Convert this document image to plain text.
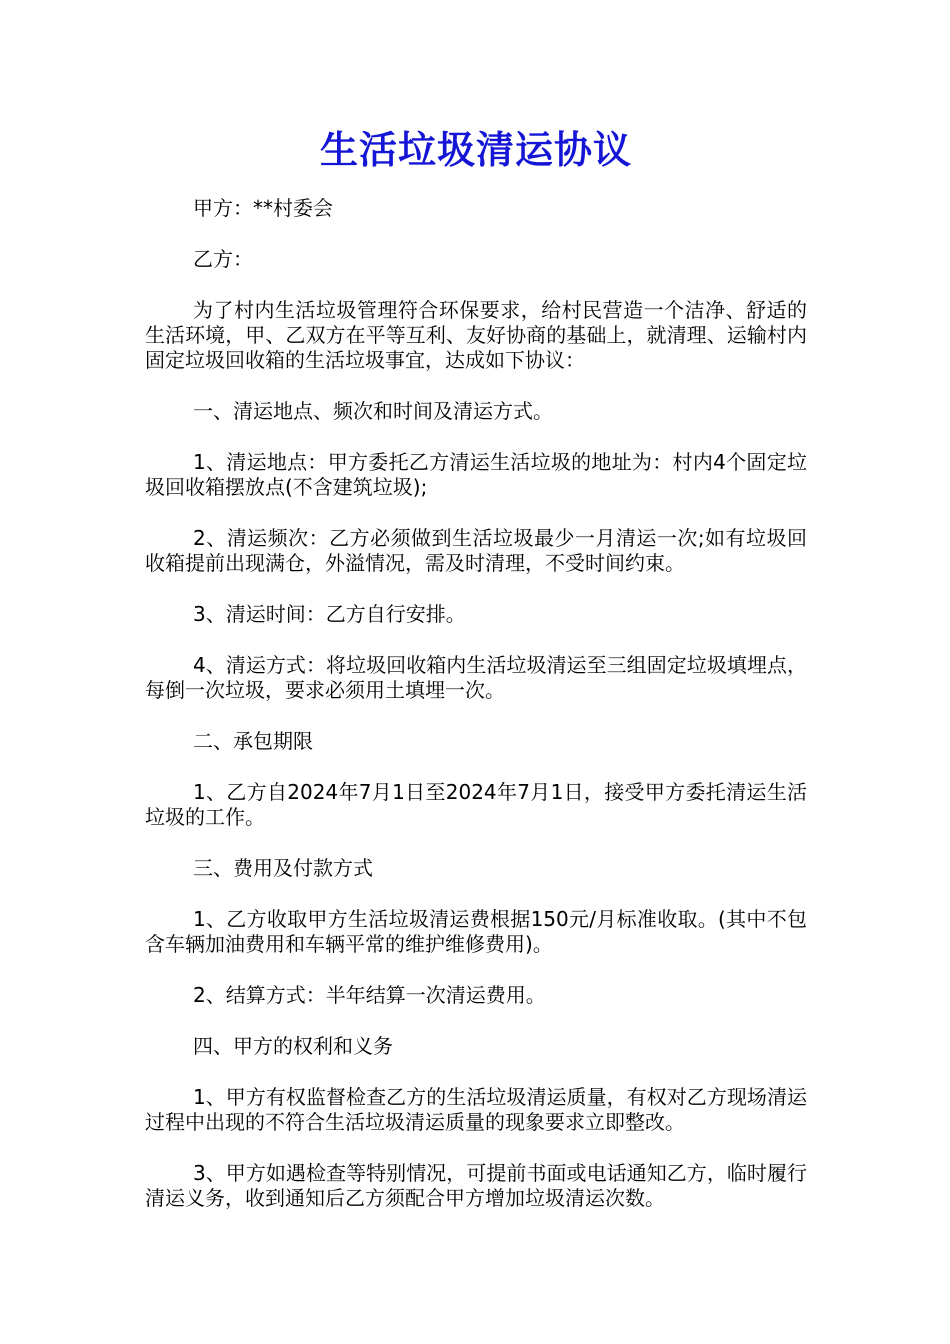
生活垃圾清运协议

甲方：**村委会

乙方：

为了村内生活垃圾管理符合环保要求，给村民营造一个洁净、舒适的生活环境，甲、乙双方在平等互利、友好协商的基础上，就清理、运输村内固定垃圾回收箱的生活垃圾事宜，达成如下协议：

一、清运地点、频次和时间及清运方式。

1、清运地点：甲方委托乙方清运生活垃圾的地址为：村内4个固定垃圾回收箱摆放点(不含建筑垃圾);

2、清运频次：乙方必须做到生活垃圾最少一月清运一次;如有垃圾回收箱提前出现满仓，外溢情况，需及时清理，不受时间约束。

3、清运时间：乙方自行安排。

4、清运方式：将垃圾回收箱内生活垃圾清运至三组固定垃圾填埋点，每倒一次垃圾，要求必须用土填埋一次。

二、承包期限

1、乙方自2024年7月1日至2024年7月1日，接受甲方委托清运生活垃圾的工作。

三、费用及付款方式

1、乙方收取甲方生活垃圾清运费根据150元/月标准收取。(其中不包含车辆加油费用和车辆平常的维护维修费用)。

2、结算方式：半年结算一次清运费用。

四、甲方的权利和义务

1、甲方有权监督检查乙方的生活垃圾清运质量，有权对乙方现场清运过程中出现的不符合生活垃圾清运质量的现象要求立即整改。

3、甲方如遇检查等特别情况，可提前书面或电话通知乙方，临时履行清运义务，收到通知后乙方须配合甲方增加垃圾清运次数。
